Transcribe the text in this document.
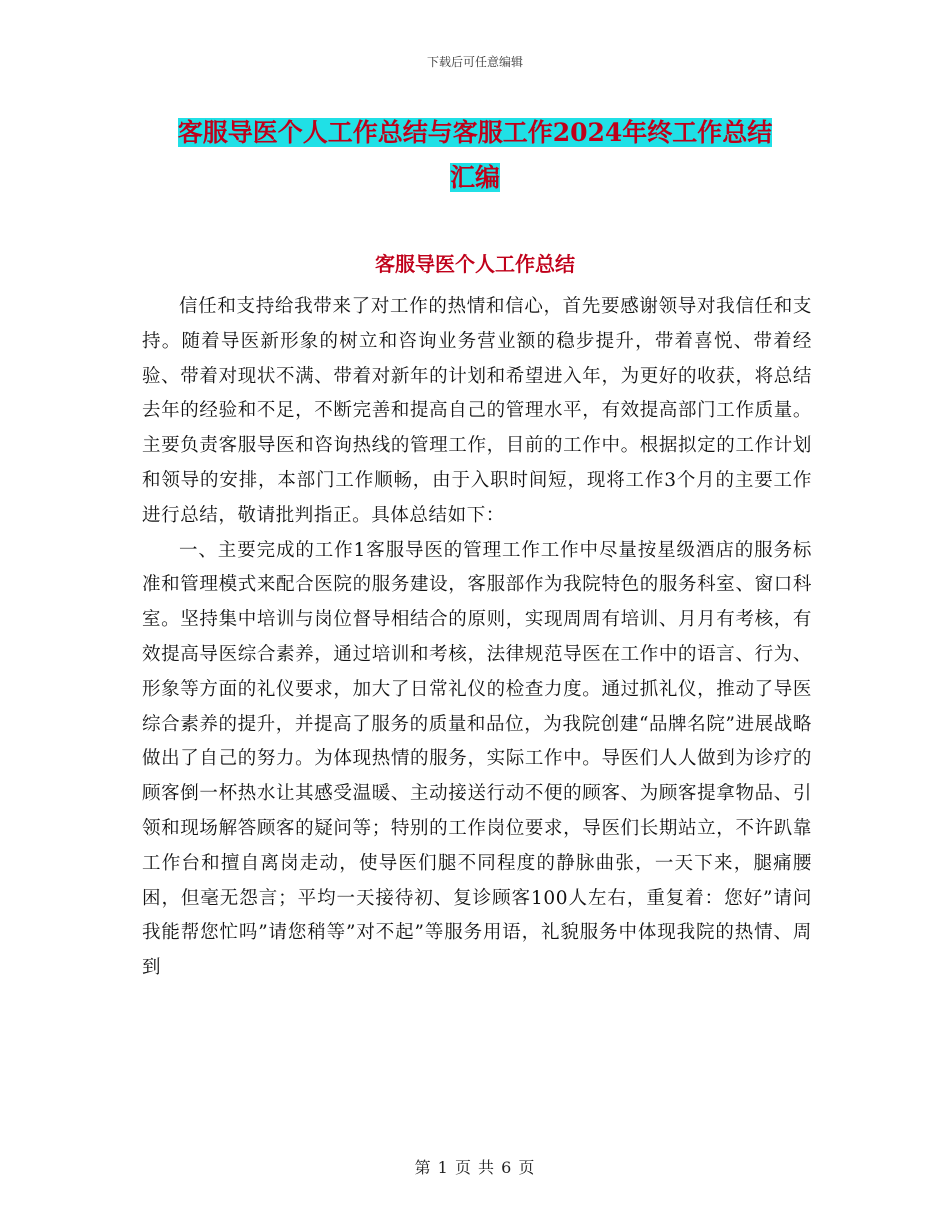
下载后可任意编辑
客服导医个人工作总结与客服工作2024年终工作总结
汇编
客服导医个人工作总结

信任和支持给我带来了对工作的热情和信心，首先要感谢领导对我信任和支持。随着导医新形象的树立和咨询业务营业额的稳步提升，带着喜悦、带着经验、带着对现状不满、带着对新年的计划和希望进入年，为更好的收获，将总结去年的经验和不足，不断完善和提高自己的管理水平，有效提高部门工作质量。主要负责客服导医和咨询热线的管理工作，目前的工作中。根据拟定的工作计划和领导的安排，本部门工作顺畅，由于入职时间短，现将工作3个月的主要工作进行总结，敬请批判指正。具体总结如下：

一、主要完成的工作1客服导医的管理工作工作中尽量按星级酒店的服务标准和管理模式来配合医院的服务建设，客服部作为我院特色的服务科室、窗口科室。坚持集中培训与岗位督导相结合的原则，实现周周有培训、月月有考核，有效提高导医综合素养，通过培训和考核，法律规范导医在工作中的语言、行为、形象等方面的礼仪要求，加大了日常礼仪的检查力度。通过抓礼仪，推动了导医综合素养的提升，并提高了服务的质量和品位，为我院创建“品牌名院”进展战略做出了自己的努力。为体现热情的服务，实际工作中。导医们人人做到为诊疗的顾客倒一杯热水让其感受温暖、主动接送行动不便的顾客、为顾客提拿物品、引领和现场解答顾客的疑问等；特别的工作岗位要求，导医们长期站立，不许趴靠工作台和擅自离岗走动，使导医们腿不同程度的静脉曲张，一天下来，腿痛腰困，但毫无怨言；平均一天接待初、复诊顾客100人左右，重复着：您好”请问我能帮您忙吗”请您稍等”对不起”等服务用语，礼貌服务中体现我院的热情、周到

第 1 页 共 6 页
